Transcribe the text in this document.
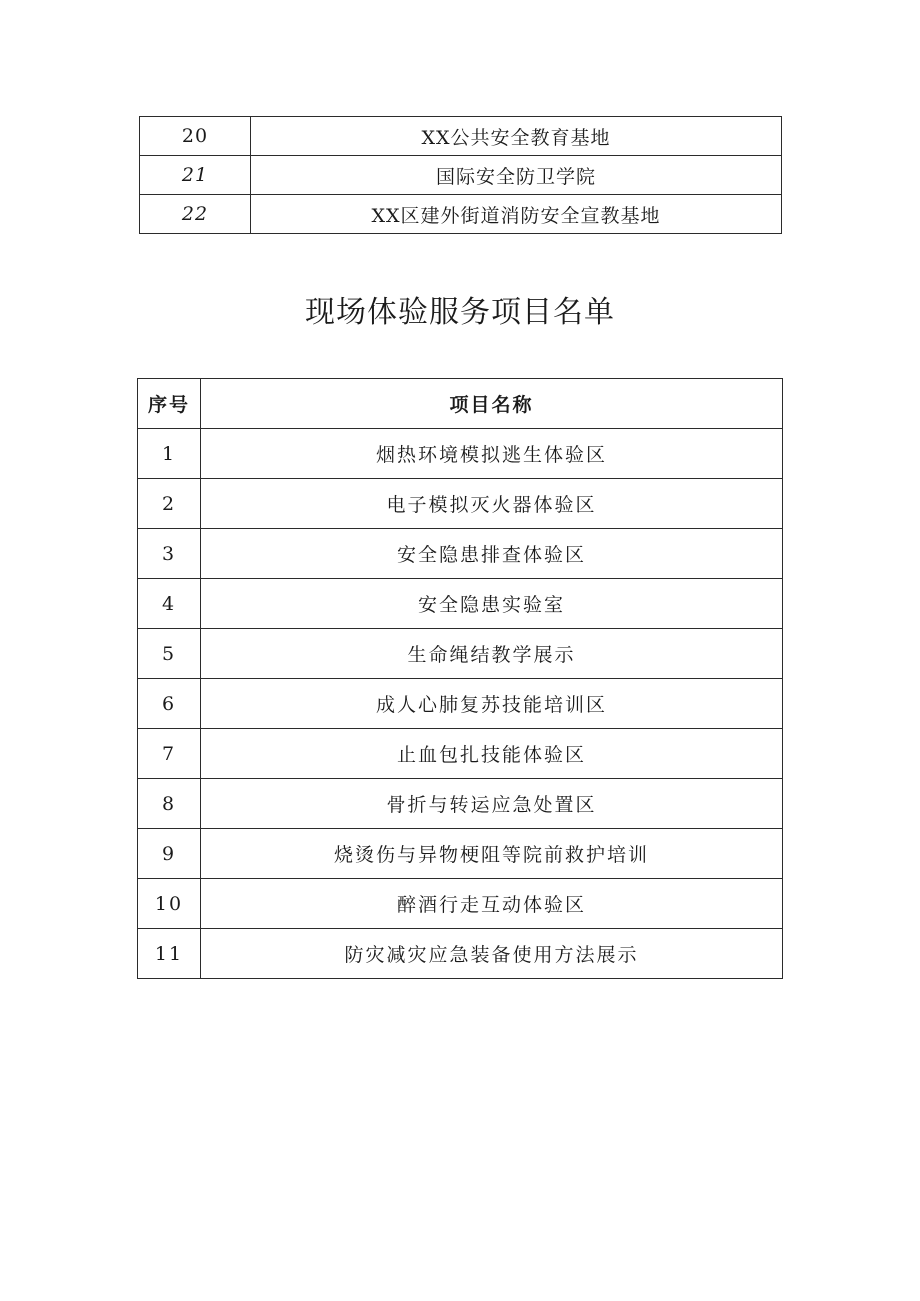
20	XX公共安全教育基地
21	国际安全防卫学院
22	XX区建外街道消防安全宣教基地
现场体验服务项目名单
序号	项目名称
1	烟热环境模拟逃生体验区
2	电子模拟灭火器体验区
3	安全隐患排查体验区
4	安全隐患实验室
5	生命绳结教学展示
6	成人心肺复苏技能培训区
7	止血包扎技能体验区
8	骨折与转运应急处置区
9	烧烫伤与异物梗阻等院前救护培训
10	醉酒行走互动体验区
11	防灾减灾应急装备使用方法展示
